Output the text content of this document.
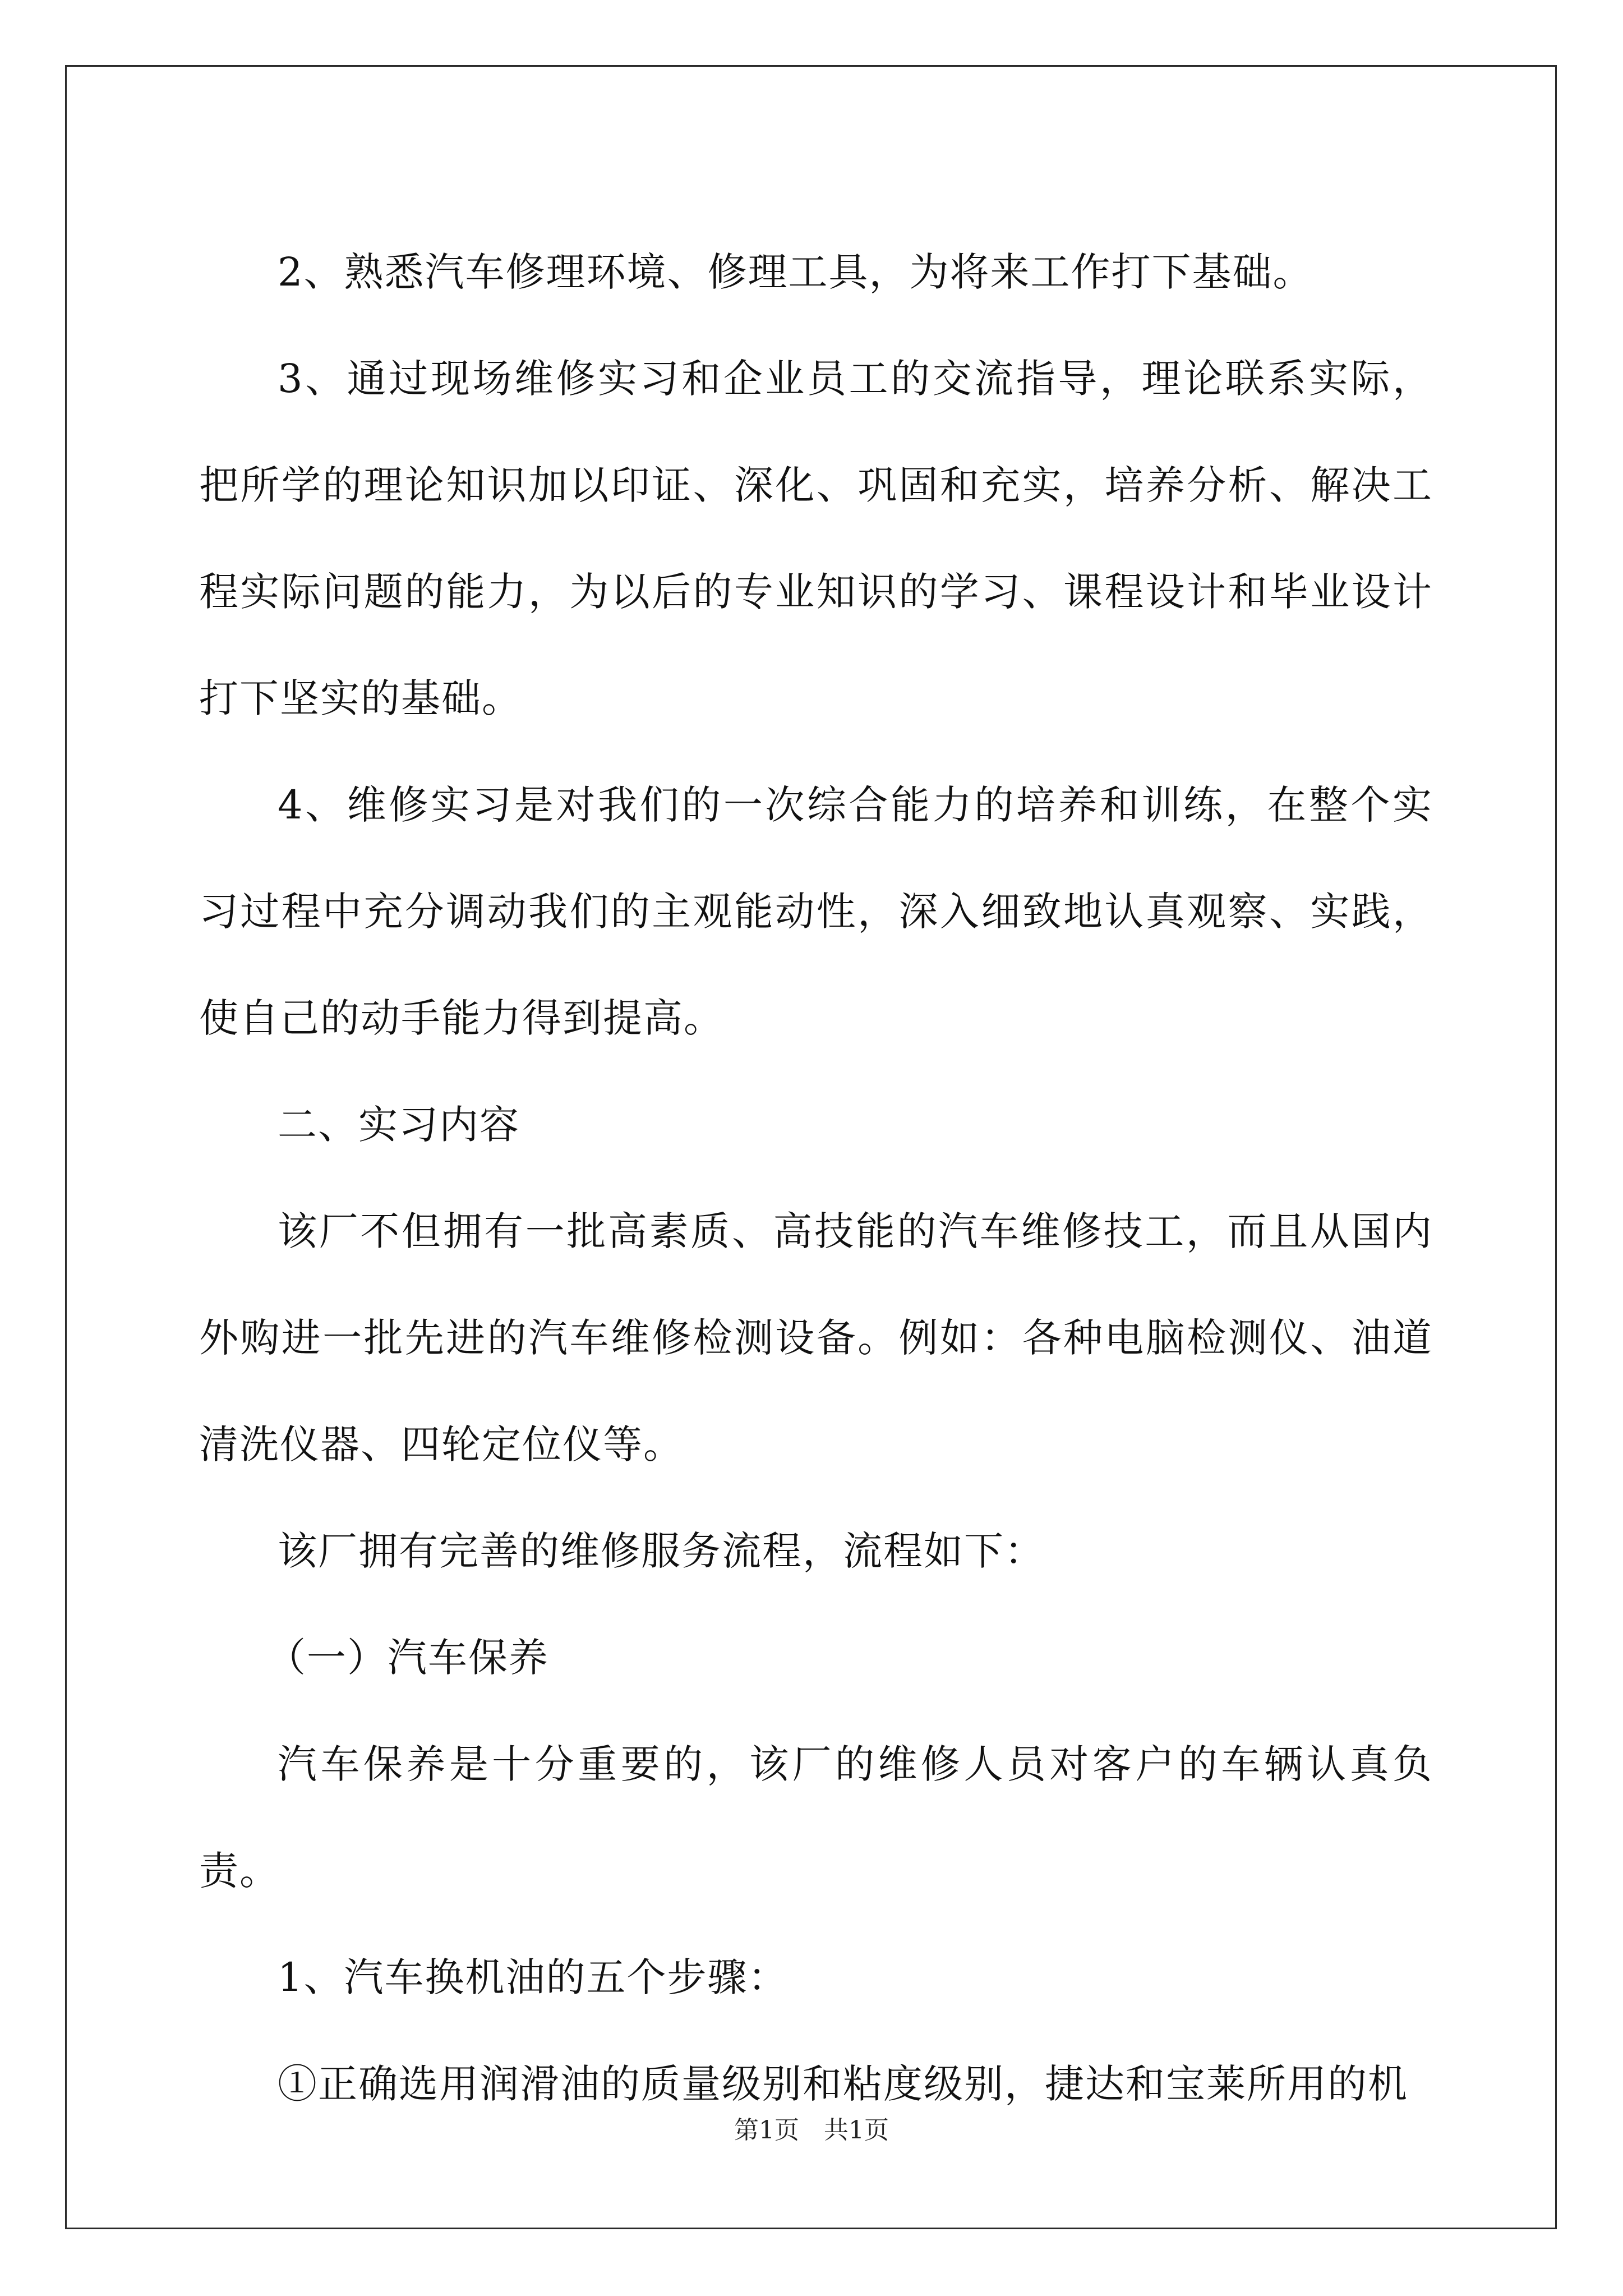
2、熟悉汽车修理环境、修理工具，为将来工作打下基础。

3、通过现场维修实习和企业员工的交流指导，理论联系实际，把所学的理论知识加以印证、深化、巩固和充实，培养分析、解决工程实际问题的能力，为以后的专业知识的学习、课程设计和毕业设计打下坚实的基础。

4、维修实习是对我们的一次综合能力的培养和训练，在整个实习过程中充分调动我们的主观能动性，深入细致地认真观察、实践，使自己的动手能力得到提高。

二、实习内容

该厂不但拥有一批高素质、高技能的汽车维修技工，而且从国内外购进一批先进的汽车维修检测设备。例如：各种电脑检测仪、油道清洗仪器、四轮定位仪等。

该厂拥有完善的维修服务流程，流程如下：

（一）汽车保养

汽车保养是十分重要的，该厂的维修人员对客户的车辆认真负责。

1、汽车换机油的五个步骤：

①正确选用润滑油的质量级别和粘度级别，捷达和宝莱所用的机

第1页 共1页
